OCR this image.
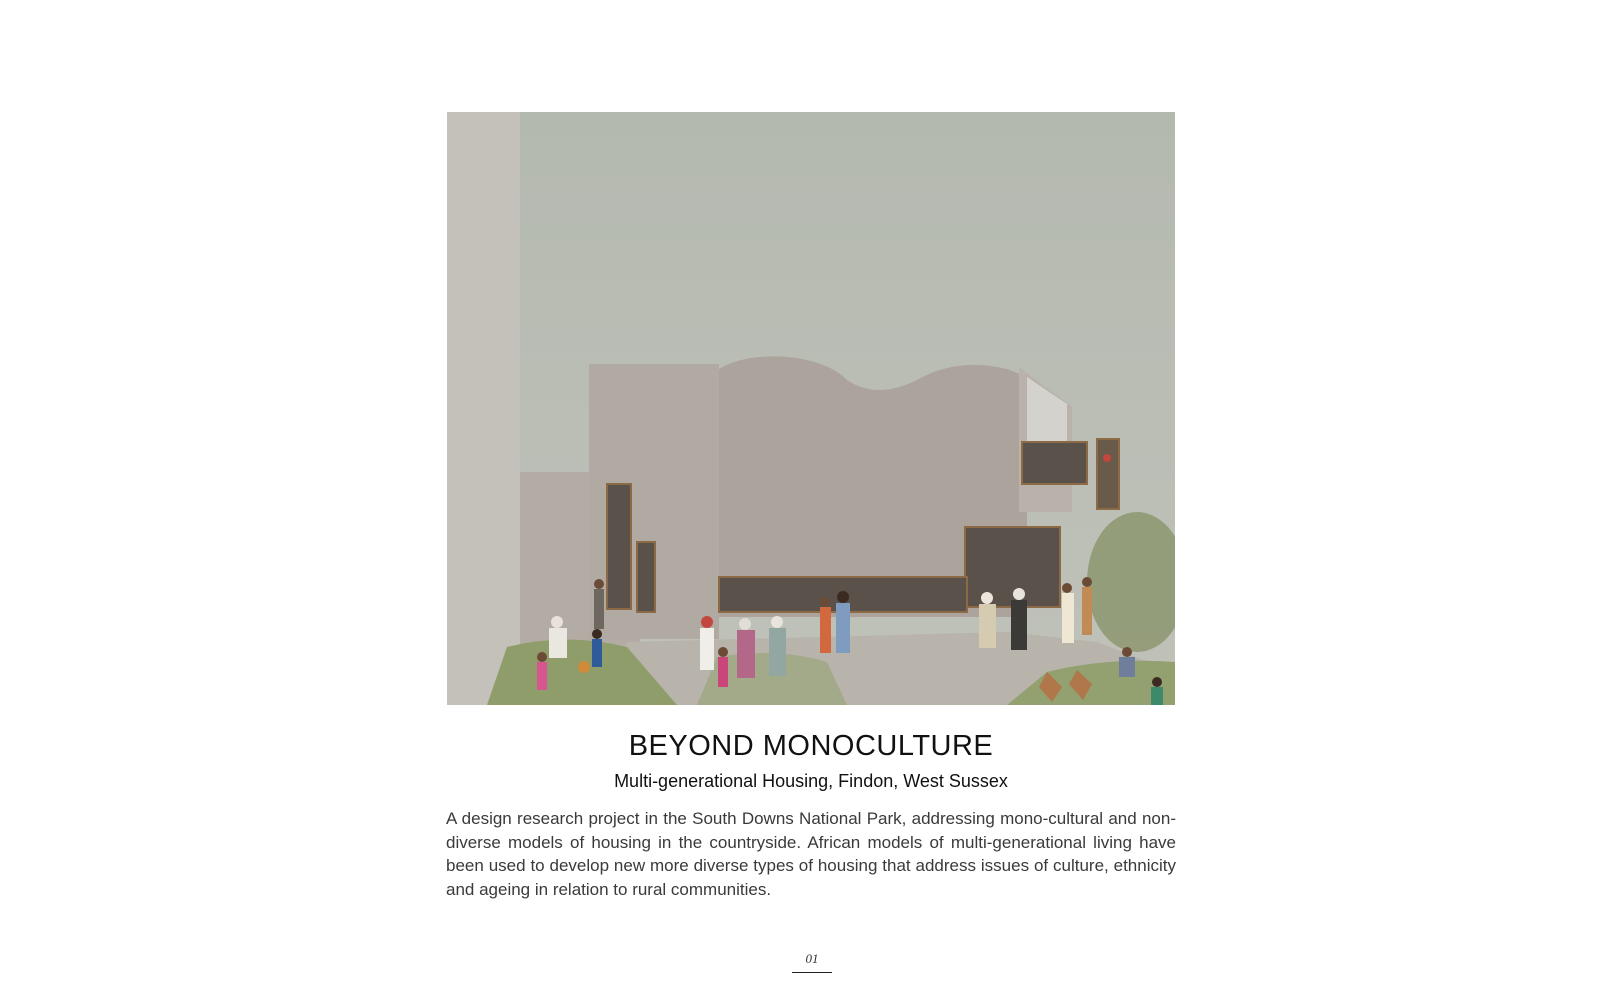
BEYOND MONOCULTURE
Multi-generational Housing, Findon, West Sussex

A design research project in the South Downs National Park, addressing mono-cultural and non-diverse models of housing in the countryside. African models of multi-generational living have been used to develop new more diverse types of housing that address issues of culture, ethnicity and ageing in relation to rural communities.

01
